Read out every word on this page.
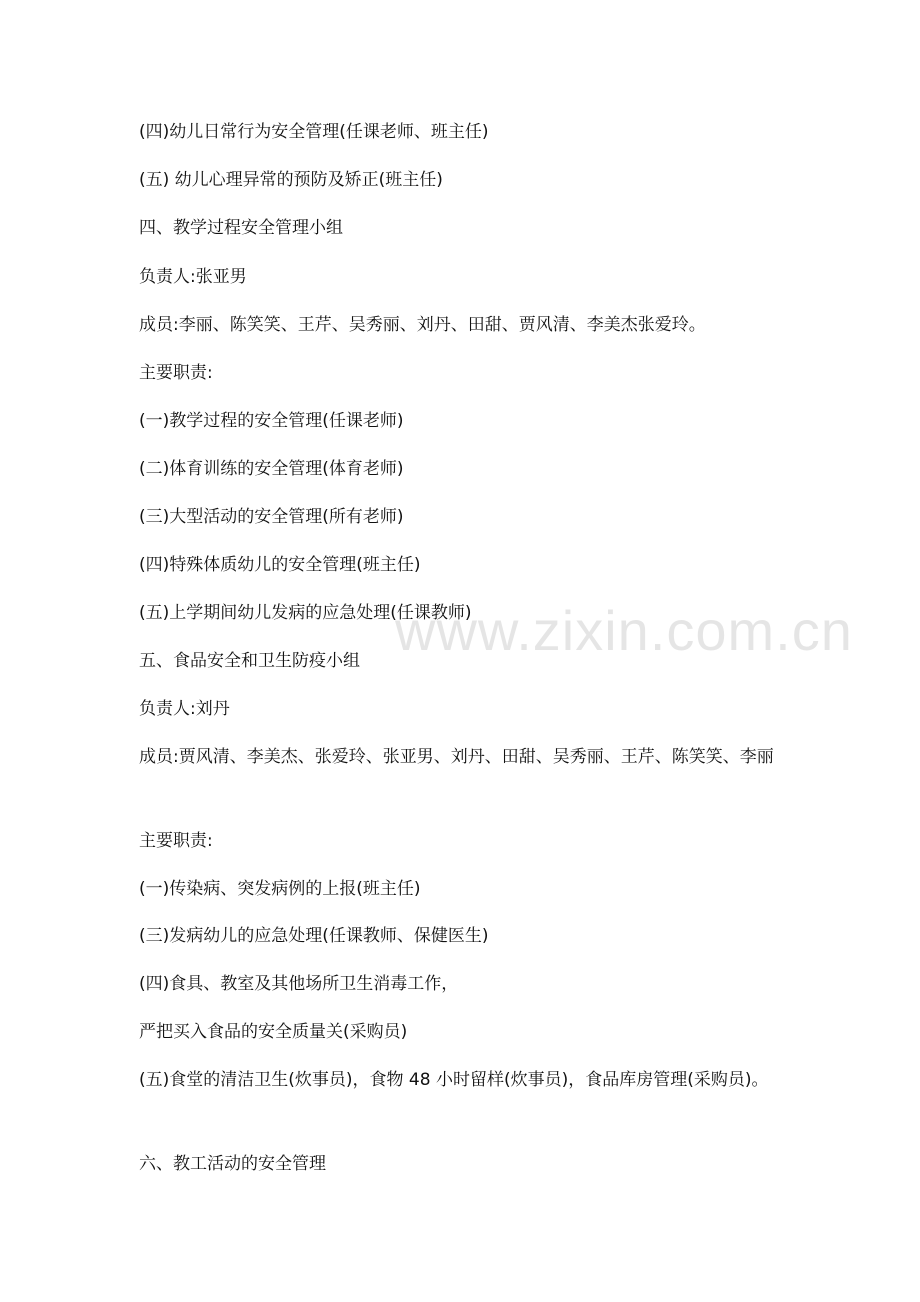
(四)幼儿日常行为安全管理(任课老师、班主任)
(五) 幼儿心理异常的预防及矫正(班主任)
四、教学过程安全管理小组
负责人:张亚男
成员:李丽、陈笑笑、王芹、吴秀丽、刘丹、田甜、贾风清、李美杰张爱玲。
主要职责:
(一)教学过程的安全管理(任课老师)
(二)体育训练的安全管理(体育老师)
(三)大型活动的安全管理(所有老师)
(四)特殊体质幼儿的安全管理(班主任)
(五)上学期间幼儿发病的应急处理(任课教师)
五、食品安全和卫生防疫小组
负责人:刘丹
成员:贾风清、李美杰、张爱玲、张亚男、刘丹、田甜、吴秀丽、王芹、陈笑笑、李丽
主要职责:
(一)传染病、突发病例的上报(班主任)
(三)发病幼儿的应急处理(任课教师、保健医生)
(四)食具、教室及其他场所卫生消毒工作，
严把买入食品的安全质量关(采购员)
(五)食堂的清洁卫生(炊事员)，食物 48 小时留样(炊事员)，食品库房管理(采购员)。
六、教工活动的安全管理
www.zixin.com.cn
